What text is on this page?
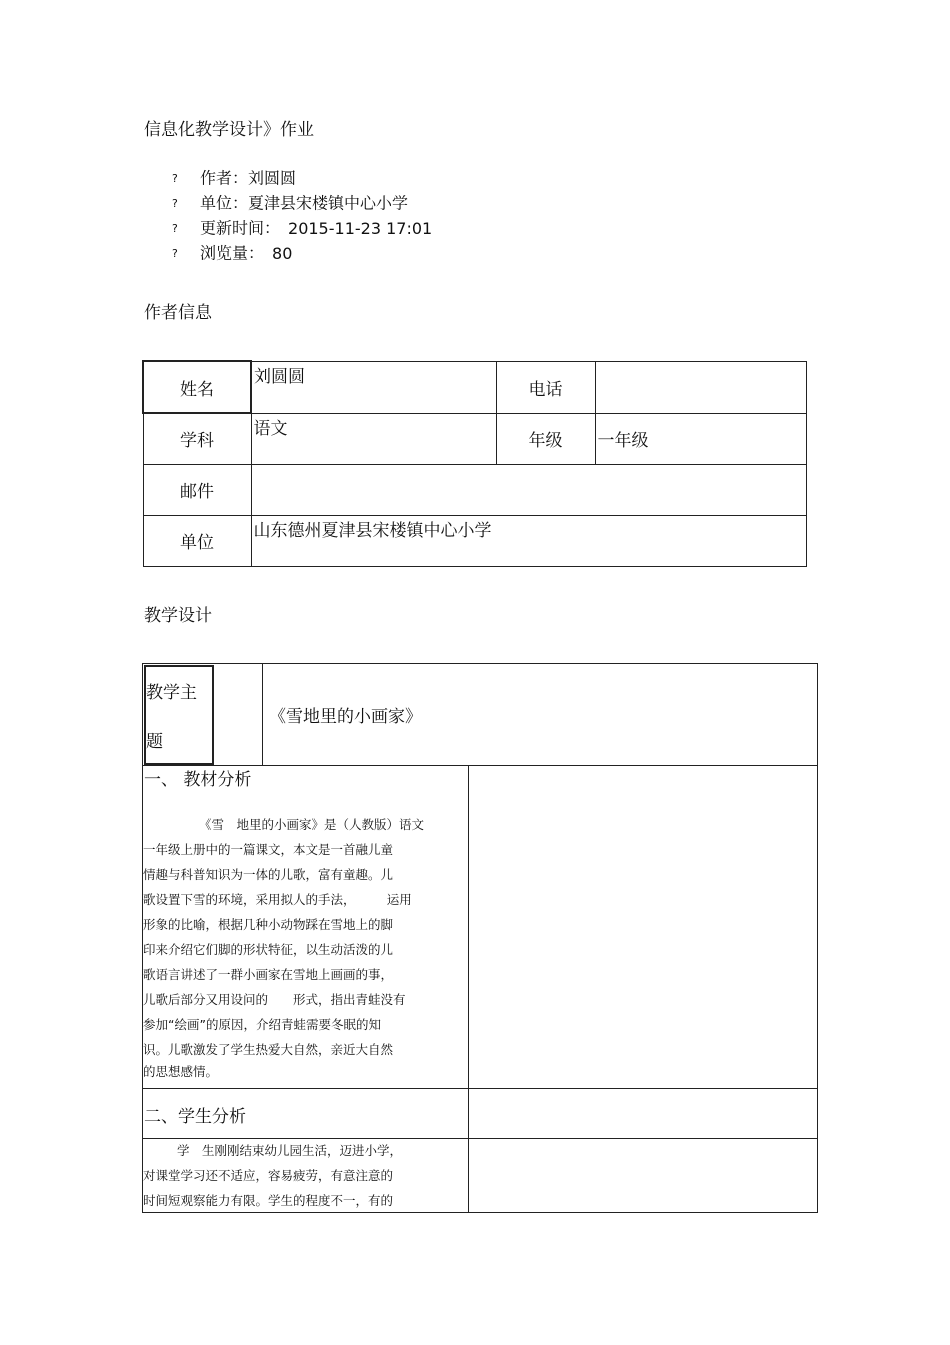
信息化教学设计》作业
? 作者：刘圆圆
? 单位：夏津县宋楼镇中心小学
? 更新时间： 2015-11-23 17:01
? 浏览量： 80
作者信息
姓名	刘圆圆	电话	
学科	语文	年级	一年级
邮件			
单位	山东德州夏津县宋楼镇中心小学		
教学设计
教学主
题
《雪地里的小画家》
一、 教材分析

《雪　地里的小画家》是（人教版）语文

一年级上册中的一篇课文，本文是一首融儿童

情趣与科普知识为一体的儿歌，富有童趣。儿

歌设置下雪的环境，采用拟人的手法，　　　运用

形象的比喻，根据几种小动物踩在雪地上的脚

印来介绍它们脚的形状特征，以生动活泼的儿

歌语言讲述了一群小画家在雪地上画画的事，

儿歌后部分又用设问的　　形式，指出青蛙没有

参加“绘画”的原因，介绍青蛙需要冬眠的知

识。儿歌激发了学生热爱大自然，亲近大自然

的思想感情。

二、学生分析

学　生刚刚结束幼儿园生活，迈进小学，

对课堂学习还不适应，容易疲劳，有意注意的

时间短观察能力有限。学生的程度不一，有的
